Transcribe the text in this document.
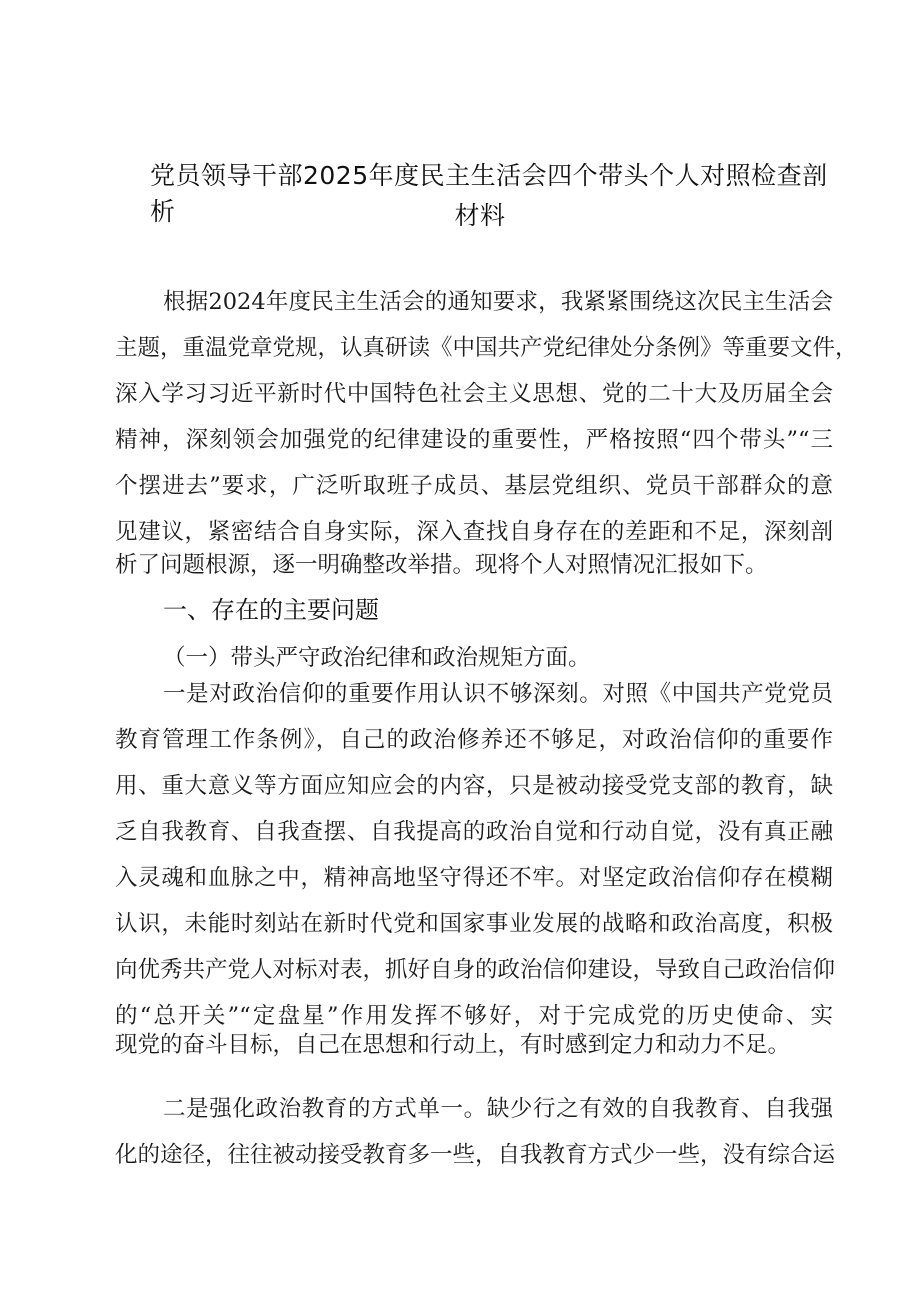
党员领导干部2025年度民主生活会四个带头个人对照检查剖析	材料
根据2024年度民主生活会的通知要求，我紧紧围绕这次民主生活会
主题，重温党章党规，认真研读《中国共产党纪律处分条例》等重要文件，
深入学习习近平新时代中国特色社会主义思想、党的二十大及历届全会
精神，深刻领会加强党的纪律建设的重要性，严格按照“四个带头”“三
个摆进去”要求，广泛听取班子成员、基层党组织、党员干部群众的意
见建议，紧密结合自身实际，深入查找自身存在的差距和不足，深刻剖
析了问题根源，逐一明确整改举措。现将个人对照情况汇报如下。
一、存在的主要问题
（一）带头严守政治纪律和政治规矩方面。
一是对政治信仰的重要作用认识不够深刻。对照《中国共产党党员
教育管理工作条例》，自己的政治修养还不够足，对政治信仰的重要作
用、重大意义等方面应知应会的内容，只是被动接受党支部的教育，缺
乏自我教育、自我查摆、自我提高的政治自觉和行动自觉，没有真正融
入灵魂和血脉之中，精神高地坚守得还不牢。对坚定政治信仰存在模糊
认识，未能时刻站在新时代党和国家事业发展的战略和政治高度，积极
向优秀共产党人对标对表，抓好自身的政治信仰建设，导致自己政治信仰
的“总开关”“定盘星”作用发挥不够好，对于完成党的历史使命、实
现党的奋斗目标，自己在思想和行动上，有时感到定力和动力不足。
二是强化政治教育的方式单一。缺少行之有效的自我教育、自我强
化的途径，往往被动接受教育多一些，自我教育方式少一些，没有综合运
